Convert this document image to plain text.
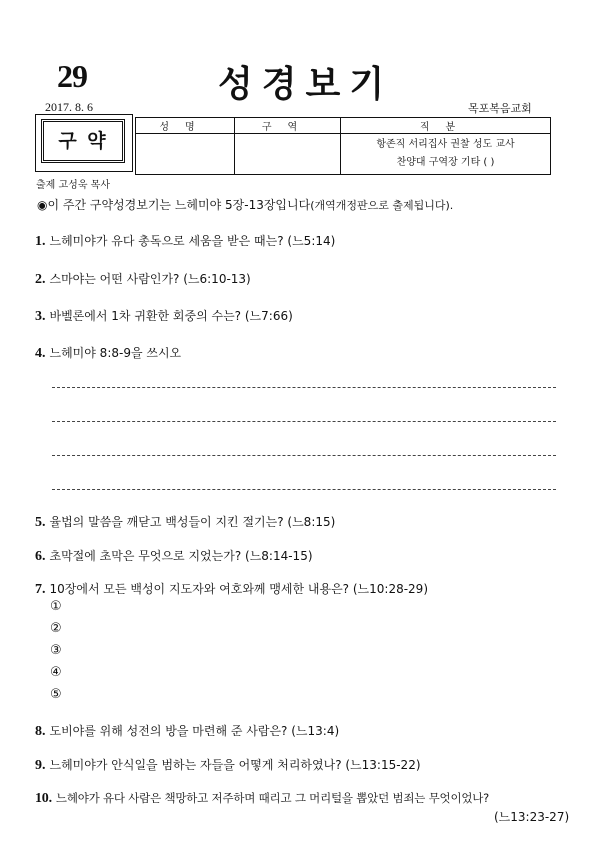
29	성경보기
2017. 8. 6	목포복음교회
구 약
출제 고성욱 목사
성명	구역	직분

		항존직 서리집사 권찰 성도 교사
찬양대 구역장 기타 ( )
◉이 주간 구약성경보기는 느헤미야 5장-13장입니다(개역개정판으로 출제됩니다).
1. 느헤미야가 유다 총독으로 세움을 받은 때는? (느5:14)
2. 스마야는 어떤 사람인가? (느6:10-13)
3. 바벨론에서 1차 귀환한 회중의 수는? (느7:66)
4. 느헤미야 8:8-9을 쓰시오
5. 율법의 말씀을 깨닫고 백성들이 지킨 절기는? (느8:15)
6. 초막절에 초막은 무엇으로 지었는가? (느8:14-15)
7. 10장에서 모든 백성이 지도자와 여호와께 맹세한 내용은? (느10:28-29)
①
②
③
④
⑤
8. 도비야를 위해 성전의 방을 마련해 준 사람은? (느13:4)
9. 느헤미야가 안식일을 범하는 자들을 어떻게 처리하였나? (느13:15-22)
10. 느헤야가 유다 사람은 책망하고 저주하며 때리고 그 머리털을 뽑았던 범죄는 무엇이었나?
(느13:23-27)
